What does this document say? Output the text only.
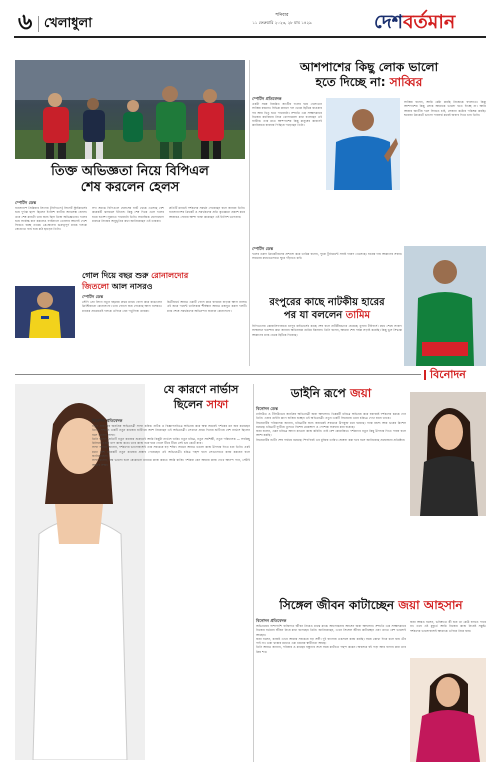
৬ খেলাধুলা
শনিবার
১১ ফেব্রুয়ারি ২০২৩, ২৮ মাঘ ১৪২৯	দেশবর্তমান
তিক্ত অভিজ্ঞতা নিয়ে বিপিএল
শেষ করলেন হেলস
স্পোর্টস ডেস্ক
বাংলাদেশ প্রিমিয়ার লিগের (বিপিএল) সিলেট স্ট্রাইকার্সের হয়ে দুর্দান্ত ছন্দে ছিলেন ইংলিশ ব্যাটার অ্যালেক্স হেলস। তবে শেষ ম্যাচটা তার জন্য ছিল তিক্ত অভিজ্ঞতার। দলের হয়ে সর্বোচ্চ রান করলেও ফাইনালে তোলার আগেই দেশে ফিরতে হচ্ছে তাকে। প্লে-অফের গুরুত্বপূর্ণ ম্যাচে দলকে জেতাতে ব্যর্থ হয়ে মাঠ ছাড়েন তিনি।
সদ্য সমাপ্ত বিপিএলে হেলসের ব্যাট থেকে এসেছে বেশ কয়েকটি ঝলমলে ইনিংস। কিন্তু শেষ দিকে এসে দলের হারে হতাশা লুকাতে পারেননি তিনি। সামাজিক যোগাযোগ মাধ্যমে নিজের অনুভূতির কথা জানিয়েছেন এই তারকা।
প্রতিটি ম্যাচেই দর্শকদের সমর্থন পেয়েছেন বলে জানান তিনি। বাংলাদেশের ক্রিকেট ও সমর্থকদের প্রতি কৃতজ্ঞতা প্রকাশ করে আবারও ফেরার আশা ব্যক্ত করেছেন এই ইংলিশ ওপেনার।
গোল দিয়ে বছর শুরু রোনালদোর
জিতলো আল নাসরও
স্পোর্টস ডেস্ক
সৌদি প্রো লিগে নতুন বছরের প্রথম ম্যাচে গোল করে রাঙালেন ক্রিস্টিয়ানো রোনালদো। তার গোলে জয় পেয়েছে আল নাসরও। ম্যাচের প্রথমার্ধেই দলকে এগিয়ে নেন পর্তুগিজ তারকা।
দ্বিতীয়ার্ধে আরও একটি গোল করে ব্যবধান বাড়ায় আল নাসর। এই জয়ে পয়েন্ট তালিকার শীর্ষস্থান আরও মজবুত করল দলটি। ম্যাচ শেষে সমর্থকদের অভিনন্দন জানান রোনালদো।
আশপাশের কিছু লোক ভালো
হতে দিচ্ছে না: সাব্বির
স্পোর্টস প্রতিবেদক
একটা সময় নিয়মিত জাতীয় দলের হয়ে খেলতেন সাব্বির রহমান। বিভিন্ন কারণে দল থেকে ছিটকে যাওয়ার পর আর থিতু হতে পারেননি। সম্প্রতি এক সাক্ষাৎকারে নিজের ক্যারিয়ার নিয়ে খোলামেলা কথা বলেছেন এই ব্যাটার। তার মতে আশপাশের কিছু মানুষের কারণেই ক্যারিয়ারে বারবার পিছিয়ে পড়েছেন তিনি।
সাব্বির বলেন, আমি চেষ্টা করছি নিজেকে বদলাতে। কিন্তু আশপাশের কিছু লোক আমাকে ভালো হতে দিচ্ছে না। আমি আবার জাতীয় দলে ফিরতে চাই, সেজন্য কঠোর পরিশ্রম করছি। ঘরোয়া ক্রিকেটে ভালো পারফর্ম করেই জবাব দিতে চান তিনি।
স্পোর্টস ডেস্ক
দলের তরুণ ক্রিকেটারদের প্রশংসা করে তামিম বলেন, পুরো টুর্নামেন্টে সবাই দারুণ খেলেছে। হারের দায় আমাদের সবার। সামনের ম্যাচগুলোতে ঘুরে দাঁড়াতে চাই।
রংপুরের কাছে নাটকীয় হারের
পর যা বললেন তামিম
বিপিএলের কোয়ালিফায়ারে রংপুর রাইডার্সের কাছে শেষ বলে নাটকীয়ভাবে হেরেছে খুলনা টাইগার্স। ম্যাচ শেষে সংবাদ সম্মেলনে হতাশার কথা জানান অধিনায়ক তামিম ইকবাল। তিনি বলেন, আমরা শেষ পর্যন্ত লড়াই করেছি। কিছু ভুল সিদ্ধান্ত আমাদের ম্যাচ থেকে ছিটকে দিয়েছে।
বিনোদন
যে কারণে নার্ভাস
ছিলেন সাফা
বিনোদন প্রতিবেদক
নতুন প্রজন্মের জনপ্রিয় অভিনেত্রী সাফা কবির। নাটক ও বিজ্ঞাপনচিত্রে অভিনয় করে অল্প সময়েই দর্শকের মন জয় করেছেন তিনি। সম্প্রতি একটি নতুন কাজের শুটিংয়ে অংশ নিয়েছেন এই অভিনেত্রী। সেখানে প্রথম দিনের শুটিংয়ে বেশ নার্ভাস ছিলেন বলে জানান সাফা।
তিনি বলেন, প্রতিটি নতুন কাজের শুরুতেই আমি কিছুটা নার্ভাস থাকি। নতুন চরিত্র, নতুন সহশিল্পী, নতুন পরিচালক — সবকিছু মিলিয়ে একটা চাপ কাজ করে। তবে কাজ শুরু হয়ে গেলে ধীরে ধীরে সেই ভয় কেটে যায়।
সাফা আরও জানান, দর্শকদের ভালোবাসাই তার সবচেয়ে বড় শক্তি। সামনে আরও ভালো কাজ উপহার দিতে চান তিনি। এরই মধ্যে বেশ কয়েকটি নতুন কাজের প্রস্তাব পেয়েছেন এই অভিনেত্রী। চরিত্র পছন্দ হলে সেগুলোতে কাজ করবেন বলে জানিয়েছেন।
সাফা বলেন, গল্প ভালো হলে যেকোনো মাধ্যমে কাজ করতে আমি রাজি। দর্শকরা যেন আমার কাজ দেখে আনন্দ পান, সেটাই আমার লক্ষ্য।
ডাইনি রূপে জয়া
বিনোদন ডেস্ক
ঢালিউড ও টলিউডের জনপ্রিয় অভিনেত্রী জয়া আহসান। ভিন্নধর্মী চরিত্রে অভিনয় করে বরাবরই দর্শকদের চমকে দেন তিনি। এবার ডাইনি রূপে হাজির হচ্ছেন এই অভিনেত্রী। নতুন একটি সিনেমায় এমন চরিত্রে দেখা যাবে তাকে।
সিনেমাটির পরিচালক জানান, চরিত্রটির জন্য জয়াকেই সবচেয়ে উপযুক্ত মনে হয়েছে। গল্পে রহস্য আর ভয়ের মিশেল রয়েছে। চরিত্রটি ফুটিয়ে তুলতে বিশেষ মেকআপ ও পোশাক ব্যবহার করা হয়েছে।
জয়া বলেন, এমন চরিত্রে আগে কখনো কাজ করিনি। তাই বেশ রোমাঞ্চিত। দর্শকদের নতুন কিছু উপহার দিতে পারব বলে আশা করছি।
সিনেমাটির শুটিং শেষ পর্যায়ে রয়েছে। শিগগিরই এর মুক্তির তারিখ ঘোষণা করা হবে বলে জানিয়েছে প্রযোজনা প্রতিষ্ঠান।
সিঙ্গেল জীবন কাটাচ্ছেন জয়া আহসান
বিনোদন প্রতিবেদক
অভিনয়ের পাশাপাশি ব্যক্তিগত জীবন নিয়েও মাঝে মাঝে আলোচনায় আসেন জয়া আহসান। সম্প্রতি এক সাক্ষাৎকারে নিজের বর্তমান জীবন নিয়ে কথা বলেছেন তিনি। জানিয়েছেন, এখন সিঙ্গেল জীবন কাটাচ্ছেন এবং তাতে বেশ ভালোই আছেন।
জয়া বলেন, কাজই এখন আমার সবচেয়ে বড় সঙ্গী। দুই বাংলায় একসঙ্গে কাজ করছি। সময় কোথা দিয়ে চলে যায় টের পাই না। একা থাকার মধ্যেও এক ধরনের স্বাধীনতা আছে।
তিনি আরও জানান, পরিবার ও কাছের বন্ধুদের সঙ্গে সময় কাটাতে পছন্দ করেন। অবসরে বই পড়া আর বাগান করা তার প্রিয় শখ।
জয়া আরও বলেন, ভবিষ্যতে কী হবে তা কেউ বলতে পারে না। তবে এই মুহূর্তে আমি নিজের কাজ নিয়েই সন্তুষ্ট। দর্শকদের ভালোবাসাই আমাকে এগিয়ে নিয়ে যায়।
